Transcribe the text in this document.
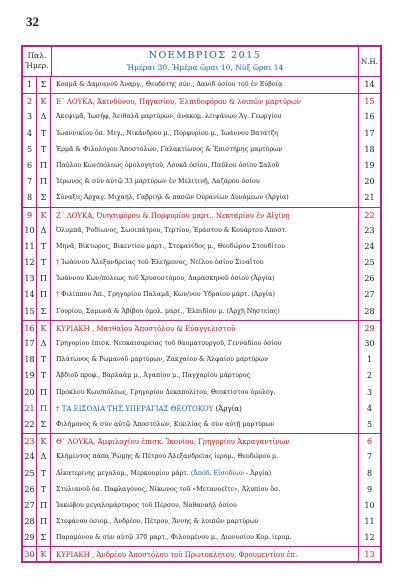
32
Παλ.
Ἡμερ.
ΝΟΕΜΒΡΙΟΣ 2015
Ἡμέραι 30. Ἡμέρα ὥραι 10, Νὺξ ὥραι 14
Ν.Η.
1	Σ	Κοσμᾶ & Δαμιανοῦ Ἀναργ., Θεοδότης σύν., Δαυὶδ ὁσίου τοῦ ἐν Εὐβοίᾳ	14
2	Κ	Ε΄ ΛΟΥΚΑ, Ἀκινδύνου, Πηγασίου, Ἐλπιδοφόρου & λοιπῶν μαρτύρων	15
3	Δ	Ἀκεψιμᾶ, Ἰωσήφ, Ἀειθαλᾶ μαρτύρων, ἀνακομ. λειψάνων Ἁγ. Γεωργίου	16
4	Τ	Ἰωαννικίου ὅσ. Μεγ., Νικάνδρου μ., Πορφυρίου μ., Ἰωάννου Βατάτζη	17
5	Τ	Ἑρμᾶ & Φιλολόγου Ἀποστόλων, Γαλακτίωνος & Ἐπιστήμης μαρτύρων	18
6 Π	Παύλου Κων/πόλεως ὁμολογητοῦ, Λουκᾶ ὁσίου, Παύλου ὁσίου Σαλοῦ	19
7 Π	Ἱέρωνος & σὺν αὐτῷ 33 μαρτύρων ἐν Μελιτινῇ, Λαζάρου ὁσίου	20
8	Σ	Σύναξις Ἀρχαγ. Μιχαήλ, Γαβριήλ & πασῶν Οὐρανίων Δυνάμεων (Ἀργία)	21
9	Κ	Ζ΄ ΛΟΥΚΑ, Ὀνησιφόρου & Πορφυρίου μαρτ., Νεκταρίου ἐν Αἰγίνῃ	22
10 Δ	Ὀλυμπᾶ, Ῥοδίωνος, Σωσιπάτρου, Τερτίου, Ἐράστου & Κουάρτου Ἀποστ.	23
11 Τ	Μηνᾶ, Βίκτωρος, Βικεντίου μαρτ., Στεφανίδος μ., Θεοδώρου Στουδίτου	24
12 Τ	† Ἰωάννου Ἀλεξανδρείας τοῦ Ἐλεήμονος, Νείλου ὁσίου Σιναΐτου	25
13 Π	Ἰωάννου Κων/πόλεως τοῦ Χρυσοστόμου, Δαμασκηνοῦ ὁσίου (Ἀργία)	26
14 Π	† Φιλίππου Ἀπ., Γρηγορίου Παλαμᾶ, Κων/νου Ὑδραίου μάρτ. (Ἀργία)	27
15 Σ	Γουρίου, Σαμωνᾶ & Ἀβίβου ὁμολ. μαρτ., Ἐλπιδίου μ. (Ἀρχὴ Νηστείας)	28
16 Κ	ΚΥΡΙΑΚΗ , Ματθαίου Ἀποστόλου & Εὐαγγελιστοῦ	29
17 Δ	Γρηγορίου ἐπισκ. Νεοκαισαρείας τοῦ θαυματουργοῦ, Γενναδίου ὁσίου	30
18 Τ	Πλάτωνος & Ρωμανοῦ μαρτύρων, Ζακχαίου & Ἀλφαίου μαρτύρων	1
19 Τ	Ἀβδιοῦ προφ., Βαρλαὰμ μ., Ἀγαπίου μ., Παγχαρίου μάρτυρος	2
20 Π	Πρόκλου Κων/πόλεως, Γρηγορίου Δεκαπολίτου, Θεοκτίστου ὁμολογ.	3
21 Π	† ΤΑ ΕΙΣΟΔΙΑ ΤΗΣ ΥΠΕΡΑΓΙΑΣ ΘΕΟΤΟΚΟΥ (Ἀργία)	4
22 Σ	Φιλήμονος & σὺν αὐτῷ Ἀποστόλων, Κικιλίας & σὺν αὐτῇ μαρτύρων	5
23 Κ	Θ΄ ΛΟΥΚΑ, Ἀμφιλοχίου ἐπισκ. Ἰκονίου, Γρηγορίου Ἀκραγαντίνων	6
24 Δ	Κλήμεντος πάπα Ῥώμης & Πέτρου Ἀλεξανδρείας ἱερομ., Θεοδώρου μ.	7
25 Τ	Αἰκατερίνης μεγαλομ., Μερκουρίου μάρτ. (Ἀπόδ. Εἰσοδίων - Ἀργία)	8
26 Τ	Στυλιανοῦ ὅσ. Παφλαγόνος, Νίκωνος τοῦ «Μετανοεῖτε», Ἀλυπίου ὅσ.	9
27 Π	Ἰακώβου μεγαλομάρτυρος τοῦ Πέρσου, Ναθαναὴλ ὁσίου	10
28 Π	Στεφάνου ὁσιομ., Ἀνδρέου, Πέτρου, Ἄννης & λοιπῶν μαρτύρων	11
29 Σ	Παραμόνου & σὺν αὐτῷ 370 μαρτ., Φιλουμένου μ., Διονυσίου Κορ. ἱερομ.	12
30 Κ	ΚΥΡΙΑΚΗ , Ἀνδρέου Ἀποστόλου τοῦ Πρωτοκλήτου, Φρουμεντίου ἐπ.	13
